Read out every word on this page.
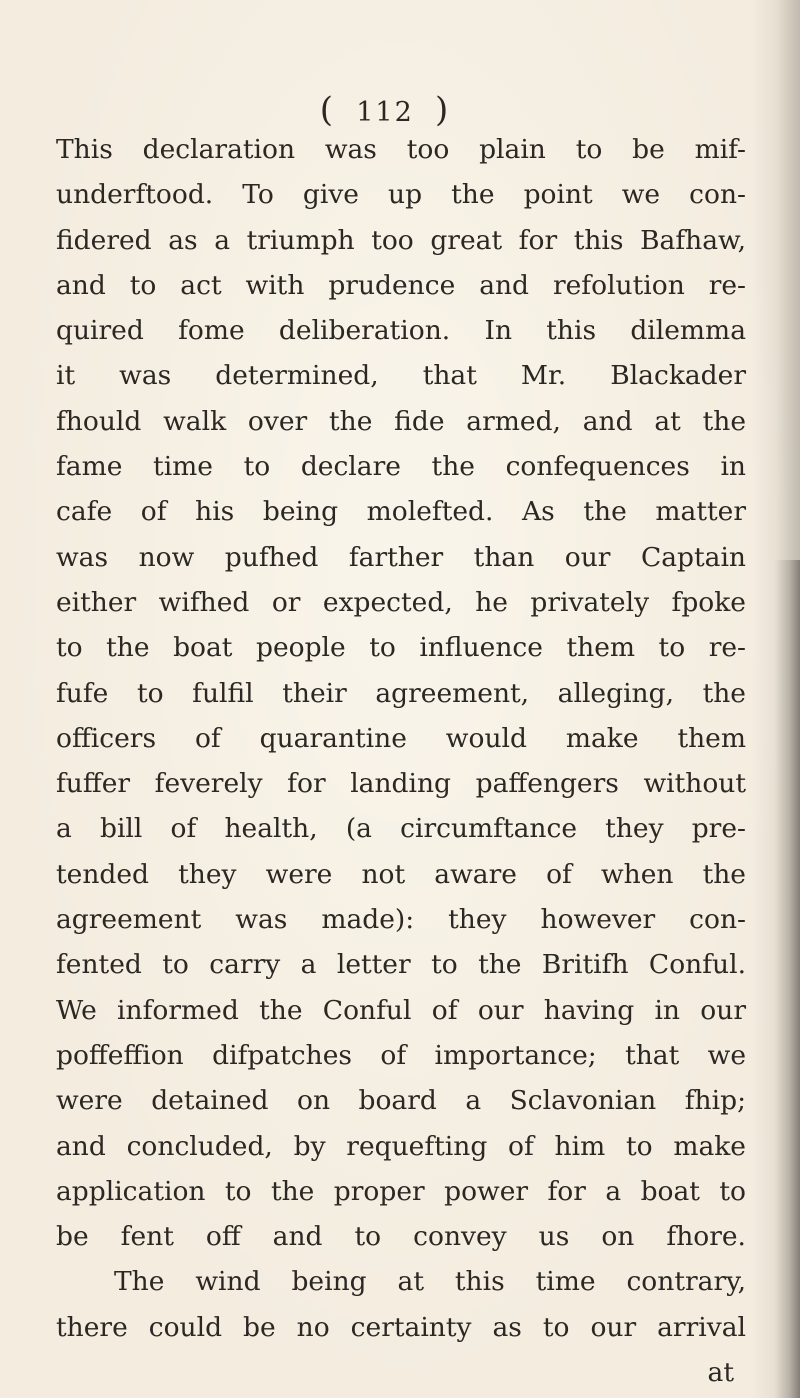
( 112 )
This declaration was too plain to be mif-
underftood. To give up the point we con-
fidered as a triumph too great for this Bafhaw,
and to act with prudence and refolution re-
quired fome deliberation. In this dilemma
it was determined, that Mr. Blackader
fhould walk over the fide armed, and at the
fame time to declare the confequences in
cafe of his being molefted. As the matter
was now pufhed farther than our Captain
either wifhed or expected, he privately fpoke
to the boat people to influence them to re-
fufe to fulfil their agreement, alleging, the
officers of quarantine would make them
fuffer feverely for landing paffengers without
a bill of health, (a circumftance they pre-
tended they were not aware of when the
agreement was made): they however con-
fented to carry a letter to the Britifh Conful.
We informed the Conful of our having in our
poffeffion difpatches of importance; that we
were detained on board a Sclavonian fhip;
and concluded, by requefting of him to make
application to the proper power for a boat to
be fent off and to convey us on fhore.
The wind being at this time contrary,
there could be no certainty as to our arrival
at
